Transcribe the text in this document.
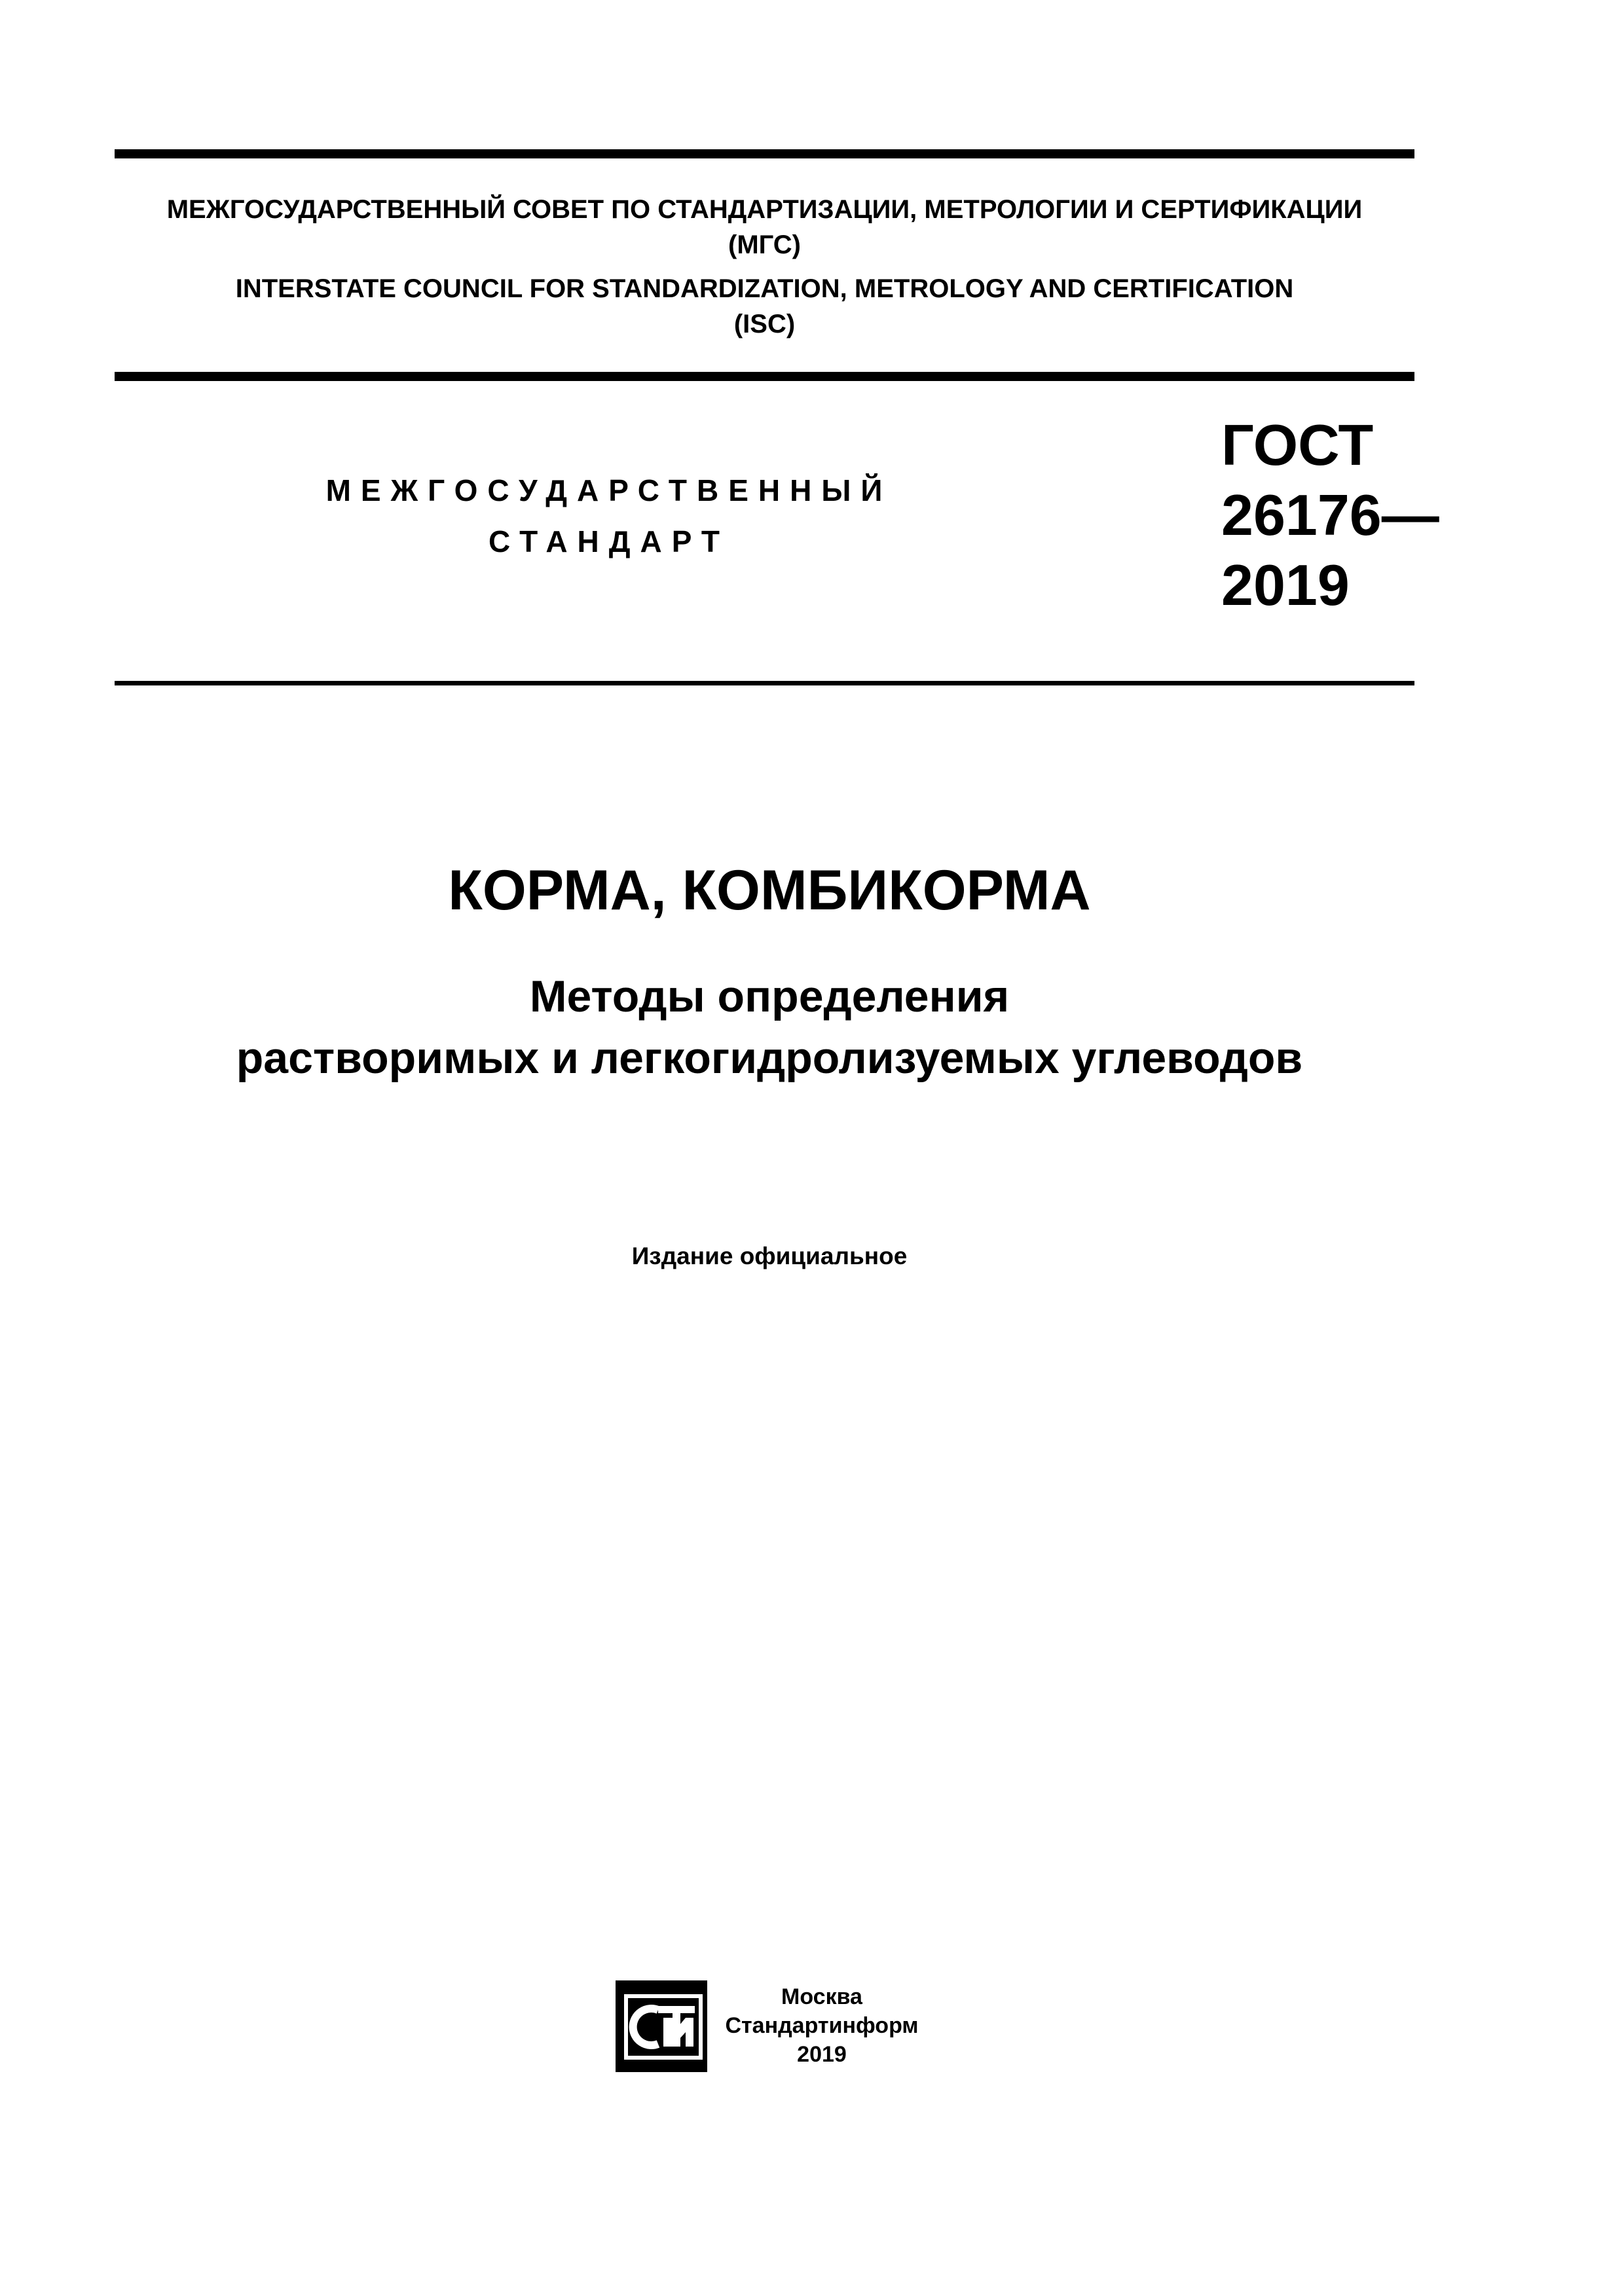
МЕЖГОСУДАРСТВЕННЫЙ СОВЕТ ПО СТАНДАРТИЗАЦИИ, МЕТРОЛОГИИ И СЕРТИФИКАЦИИ
(МГС)
INTERSTATE COUNCIL FOR STANDARDIZATION, METROLOGY AND CERTIFICATION
(ISC)
МЕЖГОСУДАРСТВЕННЫЙ
СТАНДАРТ
ГОСТ
26176—
2019
КОРМА, КОМБИКОРМА
Методы определения
растворимых и легкогидролизуемых углеводов
Издание официальное
Москва
Стандартинформ
2019
